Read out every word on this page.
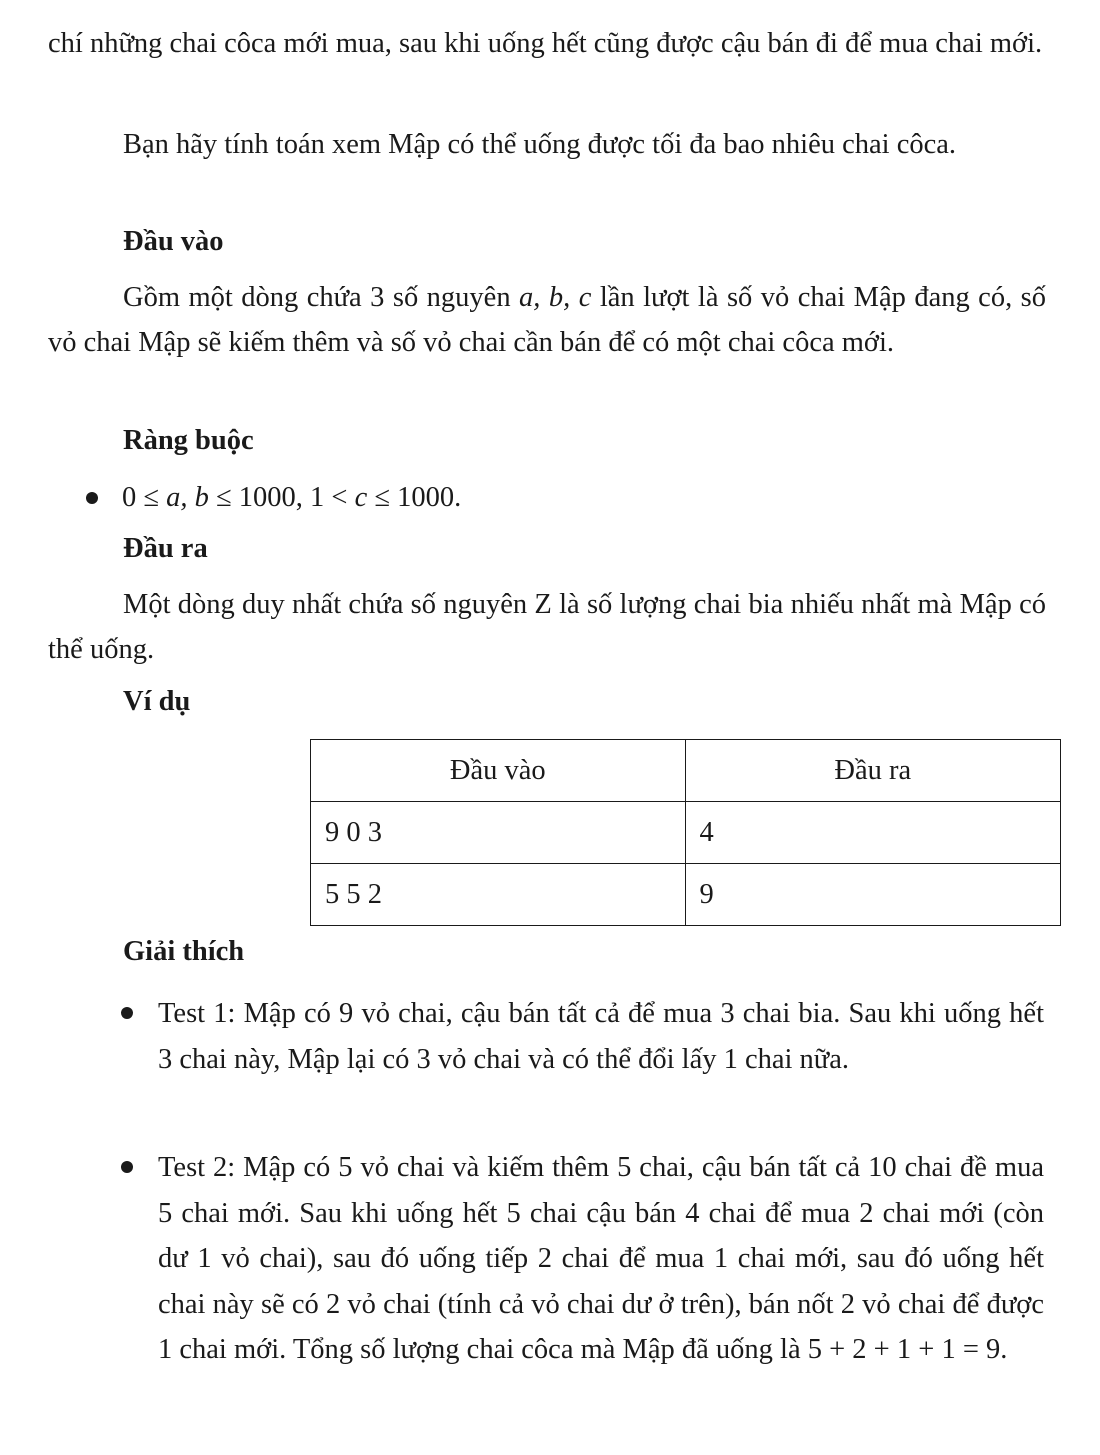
chí những chai côca mới mua, sau khi uống hết cũng được cậu bán đi để mua chai mới.

Bạn hãy tính toán xem Mập có thể uống được tối đa bao nhiêu chai côca.

Đầu vào

Gồm một dòng chứa 3 số nguyên a, b, c lần lượt là số vỏ chai Mập đang có, số vỏ chai Mập sẽ kiếm thêm và số vỏ chai cần bán để có một chai côca mới.

Ràng buộc

0 ≤ a, b ≤ 1000, 1 < c ≤ 1000.

Đầu ra

Một dòng duy nhất chứa số nguyên Z là số lượng chai bia nhiếu nhất mà Mập có thể uống.

Ví dụ
Đầu vào	Đầu ra
9 0 3	4
5 5 2	9
Giải thích

Test 1: Mập có 9 vỏ chai, cậu bán tất cả để mua 3 chai bia. Sau khi uống hết 3 chai này, Mập lại có 3 vỏ chai và có thể đổi lấy 1 chai nữa.

Test 2: Mập có 5 vỏ chai và kiếm thêm 5 chai, cậu bán tất cả 10 chai đề mua 5 chai mới. Sau khi uống hết 5 chai cậu bán 4 chai để mua 2 chai mới (còn dư 1 vỏ chai), sau đó uống tiếp 2 chai để mua 1 chai mới, sau đó uống hết chai này sẽ có 2 vỏ chai (tính cả vỏ chai dư ở trên), bán nốt 2 vỏ chai để được 1 chai mới. Tổng số lượng chai côca mà Mập đã uống là 5 + 2 + 1 + 1 = 9.
